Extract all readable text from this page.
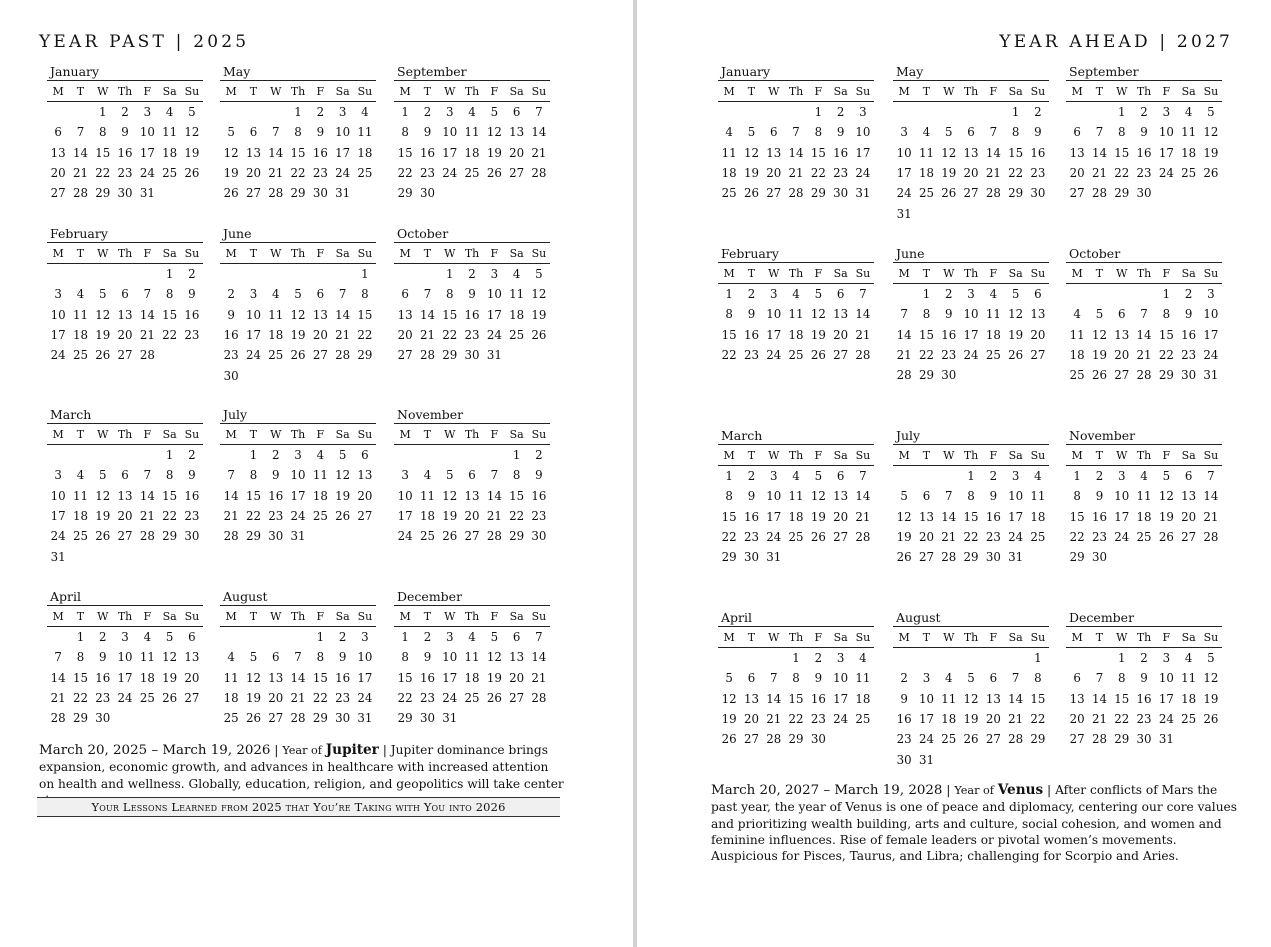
YEAR PAST | 2025
January
M	T	W	Th	F	Sa	Su
		1	2	3	4	5
6	7	8	9	10	11	12
13	14	15	16	17	18	19
20	21	22	23	24	25	26
27	28	29	30	31		
May
M	T	W	Th	F	Sa	Su
			1	2	3	4
5	6	7	8	9	10	11
12	13	14	15	16	17	18
19	20	21	22	23	24	25
26	27	28	29	30	31	
September
M	T	W	Th	F	Sa	Su
1	2	3	4	5	6	7
8	9	10	11	12	13	14
15	16	17	18	19	20	21
22	23	24	25	26	27	28
29	30					
February
M	T	W	Th	F	Sa	Su
					1	2
3	4	5	6	7	8	9
10	11	12	13	14	15	16
17	18	19	20	21	22	23
24	25	26	27	28		
June
M	T	W	Th	F	Sa	Su
						1
2	3	4	5	6	7	8
9	10	11	12	13	14	15
16	17	18	19	20	21	22
23	24	25	26	27	28	29
30						
October
M	T	W	Th	F	Sa	Su
		1	2	3	4	5
6	7	8	9	10	11	12
13	14	15	16	17	18	19
20	21	22	23	24	25	26
27	28	29	30	31		
March
M	T	W	Th	F	Sa	Su
					1	2
3	4	5	6	7	8	9
10	11	12	13	14	15	16
17	18	19	20	21	22	23
24	25	26	27	28	29	30
31						
July
M	T	W	Th	F	Sa	Su
	1	2	3	4	5	6
7	8	9	10	11	12	13
14	15	16	17	18	19	20
21	22	23	24	25	26	27
28	29	30	31			
November
M	T	W	Th	F	Sa	Su
					1	2
3	4	5	6	7	8	9
10	11	12	13	14	15	16
17	18	19	20	21	22	23
24	25	26	27	28	29	30
April
M	T	W	Th	F	Sa	Su
	1	2	3	4	5	6
7	8	9	10	11	12	13
14	15	16	17	18	19	20
21	22	23	24	25	26	27
28	29	30				
August
M	T	W	Th	F	Sa	Su
				1	2	3
4	5	6	7	8	9	10
11	12	13	14	15	16	17
18	19	20	21	22	23	24
25	26	27	28	29	30	31
December
M	T	W	Th	F	Sa	Su
1	2	3	4	5	6	7
8	9	10	11	12	13	14
15	16	17	18	19	20	21
22	23	24	25	26	27	28
29	30	31				
March 20, 2025 – March 19, 2026 | Year of Jupiter | Jupiter dominance brings expansion, economic growth, and advances in healthcare with increased attention on health and wellness. Globally, education, religion, and geopolitics will take center
Your Lessons Learned from 2025 that You’re Taking with You into 2026
YEAR AHEAD | 2027
January
M	T	W	Th	F	Sa	Su
				1	2	3
4	5	6	7	8	9	10
11	12	13	14	15	16	17
18	19	20	21	22	23	24
25	26	27	28	29	30	31
May
M	T	W	Th	F	Sa	Su
					1	2
3	4	5	6	7	8	9
10	11	12	13	14	15	16
17	18	19	20	21	22	23
24	25	26	27	28	29	30
31						
September
M	T	W	Th	F	Sa	Su
		1	2	3	4	5
6	7	8	9	10	11	12
13	14	15	16	17	18	19
20	21	22	23	24	25	26
27	28	29	30			
February
M	T	W	Th	F	Sa	Su
1	2	3	4	5	6	7
8	9	10	11	12	13	14
15	16	17	18	19	20	21
22	23	24	25	26	27	28
June
M	T	W	Th	F	Sa	Su
	1	2	3	4	5	6
7	8	9	10	11	12	13
14	15	16	17	18	19	20
21	22	23	24	25	26	27
28	29	30				
October
M	T	W	Th	F	Sa	Su
				1	2	3
4	5	6	7	8	9	10
11	12	13	14	15	16	17
18	19	20	21	22	23	24
25	26	27	28	29	30	31
March
M	T	W	Th	F	Sa	Su
1	2	3	4	5	6	7
8	9	10	11	12	13	14
15	16	17	18	19	20	21
22	23	24	25	26	27	28
29	30	31				
July
M	T	W	Th	F	Sa	Su
			1	2	3	4
5	6	7	8	9	10	11
12	13	14	15	16	17	18
19	20	21	22	23	24	25
26	27	28	29	30	31	
November
M	T	W	Th	F	Sa	Su
1	2	3	4	5	6	7
8	9	10	11	12	13	14
15	16	17	18	19	20	21
22	23	24	25	26	27	28
29	30					
April
M	T	W	Th	F	Sa	Su
			1	2	3	4
5	6	7	8	9	10	11
12	13	14	15	16	17	18
19	20	21	22	23	24	25
26	27	28	29	30		
August
M	T	W	Th	F	Sa	Su
						1
2	3	4	5	6	7	8
9	10	11	12	13	14	15
16	17	18	19	20	21	22
23	24	25	26	27	28	29
30	31					
December
M	T	W	Th	F	Sa	Su
		1	2	3	4	5
6	7	8	9	10	11	12
13	14	15	16	17	18	19
20	21	22	23	24	25	26
27	28	29	30	31		
March 20, 2027 – March 19, 2028 | Year of Venus | After conflicts of Mars the past year, the year of Venus is one of peace and diplomacy, centering our core values and prioritizing wealth building, arts and culture, social cohesion, and women and feminine influences. Rise of female leaders or pivotal women’s movements. Auspicious for Pisces, Taurus, and Libra; challenging for Scorpio and Aries.
